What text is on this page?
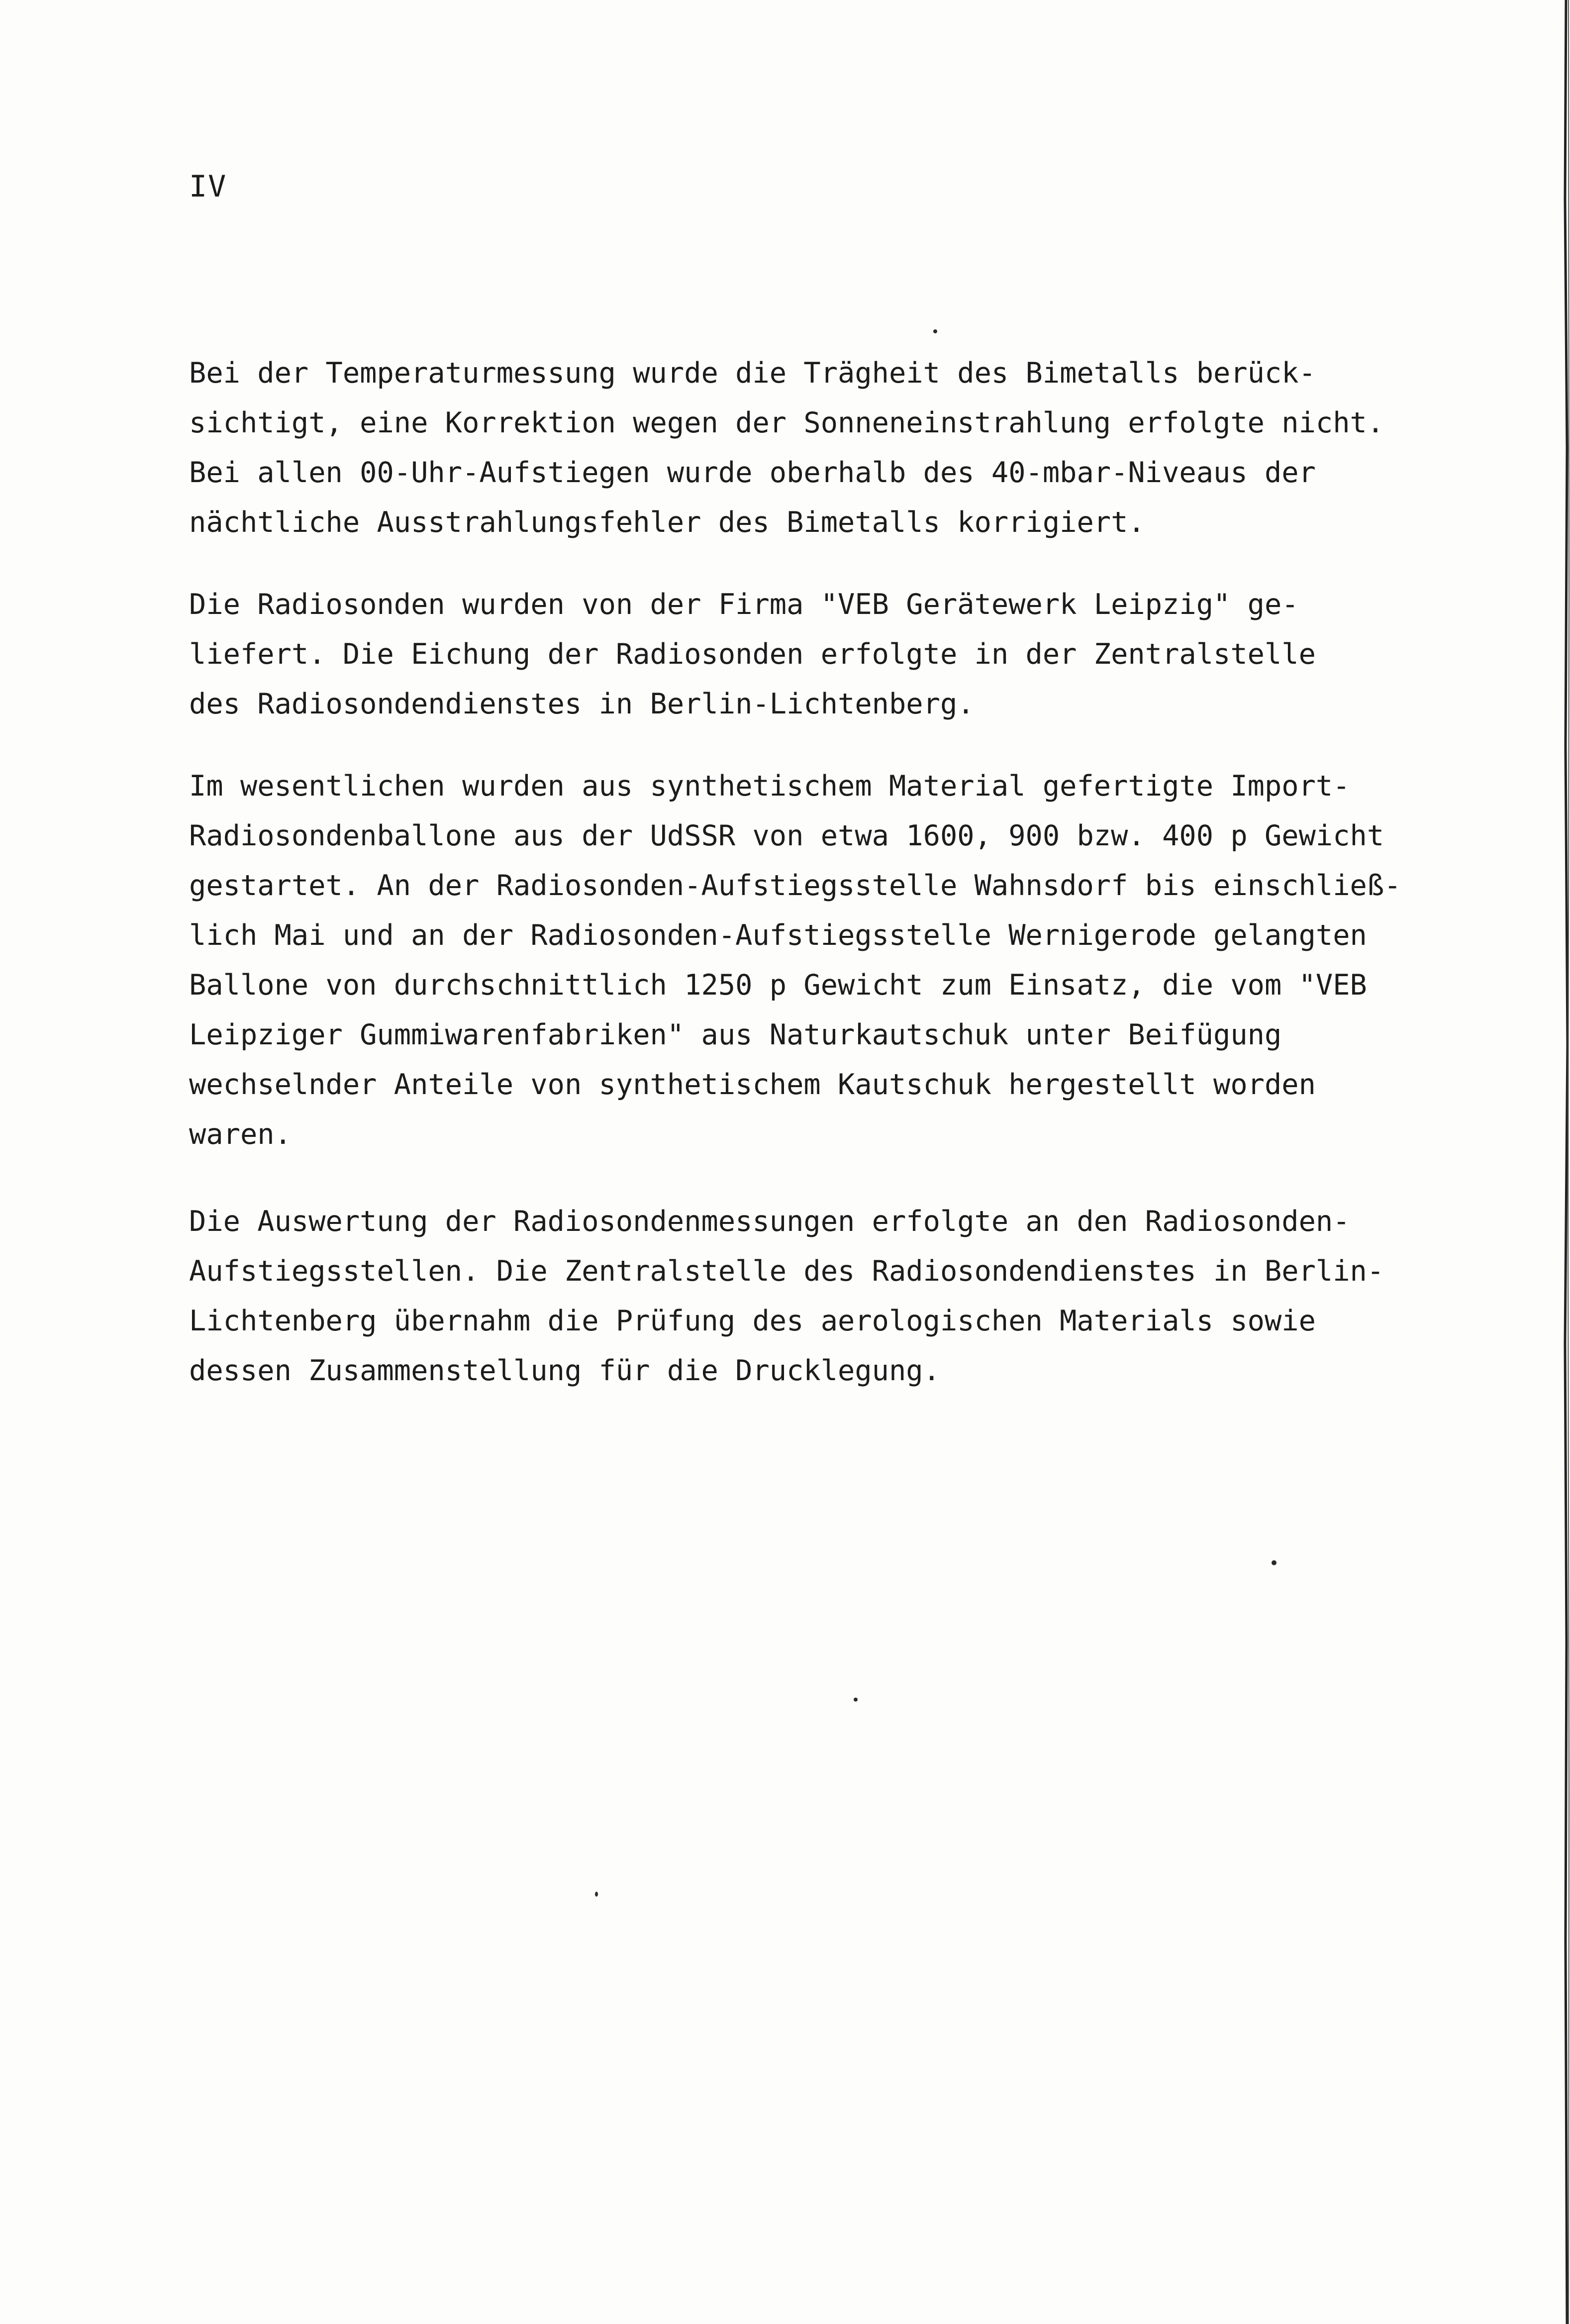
IV

Bei der Temperaturmessung wurde die Trägheit des Bimetalls berück-
sichtigt, eine Korrektion wegen der Sonneneinstrahlung erfolgte nicht.
Bei allen 00-Uhr-Aufstiegen wurde oberhalb des 40-mbar-Niveaus der
nächtliche Ausstrahlungsfehler des Bimetalls korrigiert.

Die Radiosonden wurden von der Firma "VEB Gerätewerk Leipzig" ge-
liefert. Die Eichung der Radiosonden erfolgte in der Zentralstelle
des Radiosondendienstes in Berlin-Lichtenberg.

Im wesentlichen wurden aus synthetischem Material gefertigte Import-
Radiosondenballone aus der UdSSR von etwa 1600, 900 bzw. 400 p Gewicht
gestartet. An der Radiosonden-Aufstiegsstelle Wahnsdorf bis einschließ-
lich Mai und an der Radiosonden-Aufstiegsstelle Wernigerode gelangten
Ballone von durchschnittlich 1250 p Gewicht zum Einsatz, die vom "VEB
Leipziger Gummiwarenfabriken" aus Naturkautschuk unter Beifügung
wechselnder Anteile von synthetischem Kautschuk hergestellt worden
waren.

Die Auswertung der Radiosondenmessungen erfolgte an den Radiosonden-
Aufstiegsstellen. Die Zentralstelle des Radiosondendienstes in Berlin-
Lichtenberg übernahm die Prüfung des aerologischen Materials sowie
dessen Zusammenstellung für die Drucklegung.
